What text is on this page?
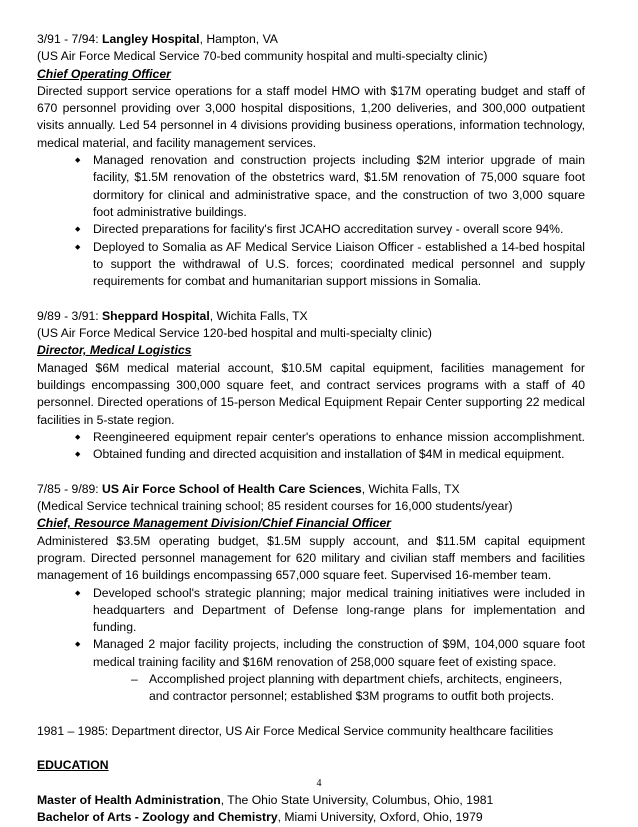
3/91 - 7/94: Langley Hospital, Hampton, VA
(US Air Force Medical Service 70-bed community hospital and multi-specialty clinic)
Chief Operating Officer
Directed support service operations for a staff model HMO with $17M operating budget and staff of 670 personnel providing over 3,000 hospital dispositions, 1,200 deliveries, and 300,000 outpatient visits annually. Led 54 personnel in 4 divisions providing business operations, information technology, medical material, and facility management services.
◆ Managed renovation and construction projects including $2M interior upgrade of main facility, $1.5M renovation of the obstetrics ward, $1.5M renovation of 75,000 square foot dormitory for clinical and administrative space, and the construction of two 3,000 square foot administrative buildings.
◆ Directed preparations for facility's first JCAHO accreditation survey - overall score 94%.
◆ Deployed to Somalia as AF Medical Service Liaison Officer - established a 14-bed hospital to support the withdrawal of U.S. forces; coordinated medical personnel and supply requirements for combat and humanitarian support missions in Somalia.
9/89 - 3/91: Sheppard Hospital, Wichita Falls, TX
(US Air Force Medical Service 120-bed hospital and multi-specialty clinic)
Director, Medical Logistics
Managed $6M medical material account, $10.5M capital equipment, facilities management for buildings encompassing 300,000 square feet, and contract services programs with a staff of 40 personnel. Directed operations of 15-person Medical Equipment Repair Center supporting 22 medical facilities in 5-state region.
◆ Reengineered equipment repair center's operations to enhance mission accomplishment.
◆ Obtained funding and directed acquisition and installation of $4M in medical equipment.
7/85 - 9/89: US Air Force School of Health Care Sciences, Wichita Falls, TX
(Medical Service technical training school; 85 resident courses for 16,000 students/year)
Chief, Resource Management Division/Chief Financial Officer
Administered $3.5M operating budget, $1.5M supply account, and $11.5M capital equipment program. Directed personnel management for 620 military and civilian staff members and facilities management of 16 buildings encompassing 657,000 square feet. Supervised 16-member team.
◆ Developed school's strategic planning; major medical training initiatives were included in headquarters and Department of Defense long-range plans for implementation and funding.
◆ Managed 2 major facility projects, including the construction of $9M, 104,000 square foot medical training facility and $16M renovation of 258,000 square feet of existing space.
– Accomplished project planning with department chiefs, architects, engineers, and contractor personnel; established $3M programs to outfit both projects.
1981 – 1985: Department director, US Air Force Medical Service community healthcare facilities
EDUCATION
Master of Health Administration, The Ohio State University, Columbus, Ohio, 1981
Bachelor of Arts - Zoology and Chemistry, Miami University, Oxford, Ohio, 1979
4
